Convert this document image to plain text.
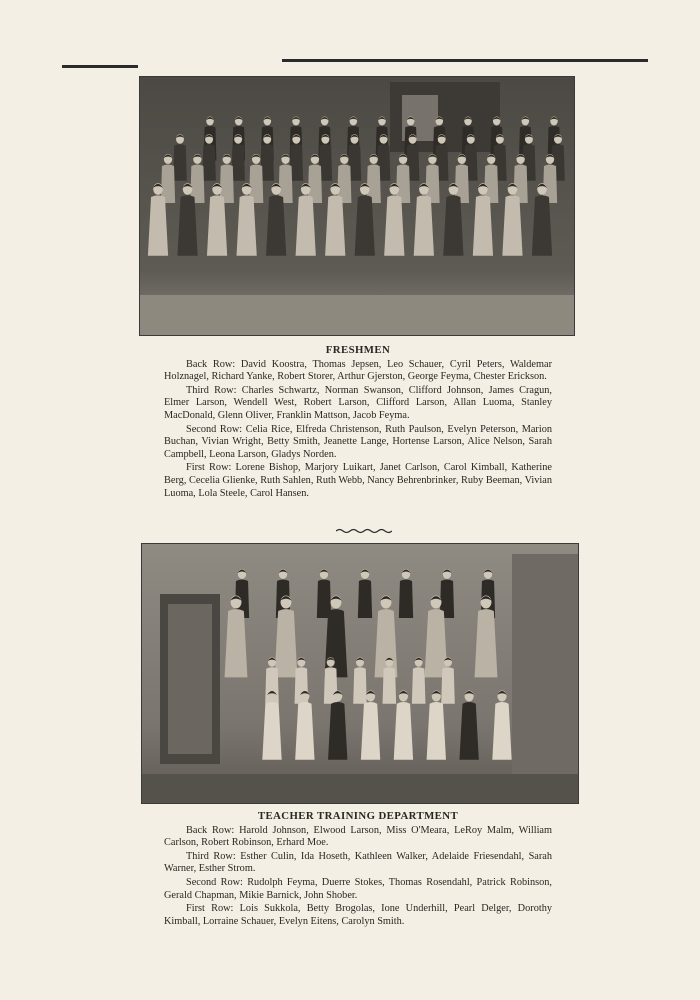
FRESHMEN

Back Row: David Koostra, Thomas Jepsen, Leo Schauer, Cyril Peters, Waldemar Holznagel, Richard Yanke, Robert Storer, Arthur Gjerston, George Feyma, Chester Erickson.

Third Row: Charles Schwartz, Norman Swanson, Clifford Johnson, James Cragun, Elmer Larson, Wendell West, Robert Larson, Clifford Larson, Allan Luoma, Stanley MacDonald, Glenn Oliver, Franklin Mattson, Jacob Feyma.

Second Row: Celia Rice, Elfreda Christenson, Ruth Paulson, Evelyn Peterson, Marion Buchan, Vivian Wright, Betty Smith, Jeanette Lange, Hortense Larson, Alice Nelson, Sarah Campbell, Leona Larson, Gladys Norden.

First Row: Lorene Bishop, Marjory Luikart, Janet Carlson, Carol Kimball, Katherine Berg, Cecelia Glienke, Ruth Sahlen, Ruth Webb, Nancy Behrenbrinker, Ruby Beeman, Vivian Luoma, Lola Steele, Carol Hansen.

TEACHER TRAINING DEPARTMENT

Back Row: Harold Johnson, Elwood Larson, Miss O'Meara, LeRoy Malm, William Carlson, Robert Robinson, Erhard Moe.

Third Row: Esther Culin, Ida Hoseth, Kathleen Walker, Adelaide Friesendahl, Sarah Warner, Esther Strom.

Second Row: Rudolph Feyma, Duerre Stokes, Thomas Rosendahl, Patrick Robinson, Gerald Chapman, Mikie Barnick, John Shober.

First Row: Lois Sukkola, Betty Brogolas, Ione Underhill, Pearl Delger, Dorothy Kimball, Lorraine Schauer, Evelyn Eitens, Carolyn Smith.
